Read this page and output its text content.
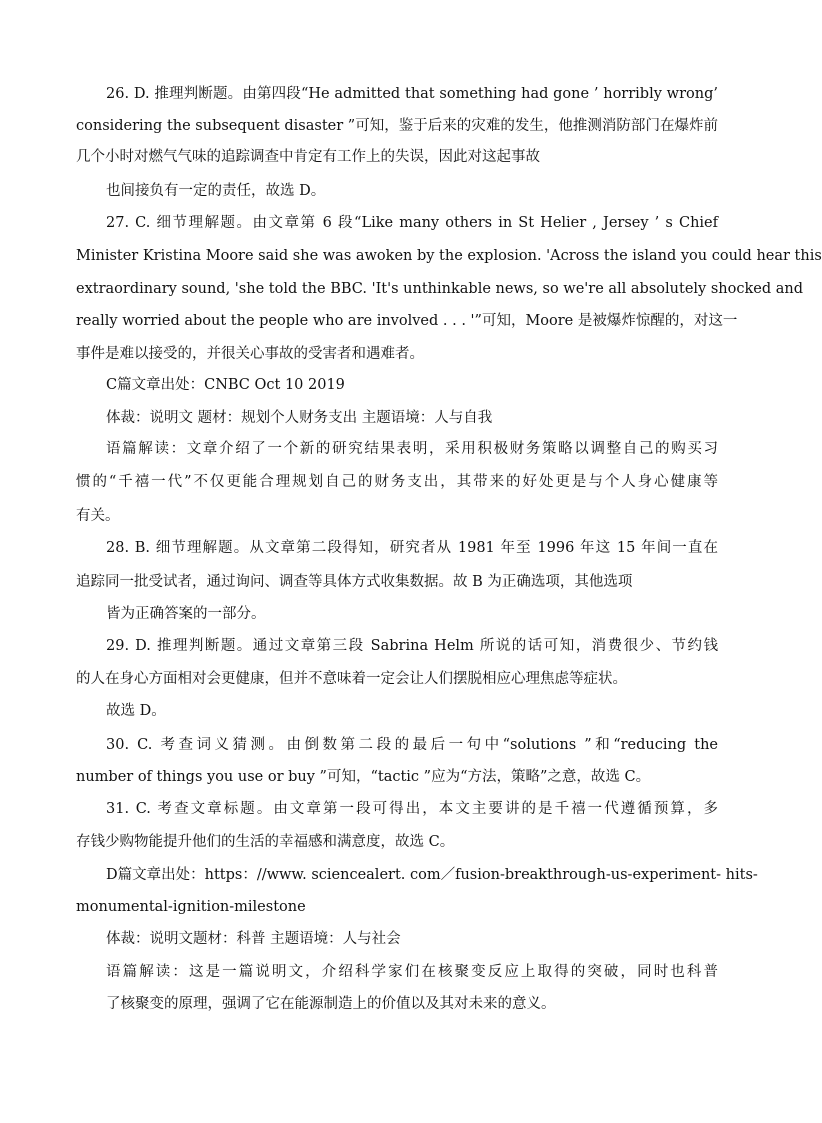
26. D. 推理判断题。由第四段“He admitted that something had gone ’ horribly wrong’
considering the subsequent disaster ”可知，鉴于后来的灾难的发生，他推测消防部门在爆炸前
几个小时对燃气气味的追踪调查中肯定有工作上的失误，因此对这起事故
也间接负有一定的责任，故选 D。
27. C. 细节理解题。由文章第 6 段“Like many others in St Helier , Jersey ’ s Chief
Minister Kristina Moore said she was awoken by the explosion. 'Across the island you could hear this
extraordinary sound, 'she told the BBC. 'It's unthinkable news, so we're all absolutely shocked and
really worried about the people who are involved . . . '”可知，Moore 是被爆炸惊醒的，对这一
事件是难以接受的，并很关心事故的受害者和遇难者。
C篇文章出处：CNBC Oct 10 2019
体裁：说明文 题材：规划个人财务支出 主题语境：人与自我
语篇解读：文章介绍了一个新的研究结果表明，采用积极财务策略以调整自己的购买习
惯的“千禧一代”不仅更能合理规划自己的财务支出，其带来的好处更是与个人身心健康等
有关。
28. B. 细节理解题。从文章第二段得知，研究者从 1981 年至 1996 年这 15 年间一直在
追踪同一批受试者，通过询问、调查等具体方式收集数据。故 B 为正确选项，其他选项
皆为正确答案的一部分。
29. D. 推理判断题。通过文章第三段 Sabrina Helm 所说的话可知，消费很少、节约钱
的人在身心方面相对会更健康，但并不意味着一定会让人们摆脱相应心理焦虑等症状。
故选 D。
30. C. 考查词义猜测。由倒数第二段的最后一句中“solutions ”和“reducing the
number of things you use or buy ”可知，“tactic ”应为“方法，策略”之意，故选 C。
31. C. 考查文章标题。由文章第一段可得出，本文主要讲的是千禧一代遵循预算，多
存钱少购物能提升他们的生活的幸福感和满意度，故选 C。
D篇文章出处：https：//www. sciencealert. com／fusion-breakthrough-us-experiment- hits-
monumental-ignition-milestone
体裁：说明文题材：科普 主题语境：人与社会
语篇解读：这是一篇说明文，介绍科学家们在核聚变反应上取得的突破，同时也科普
了核聚变的原理，强调了它在能源制造上的价值以及其对未来的意义。
